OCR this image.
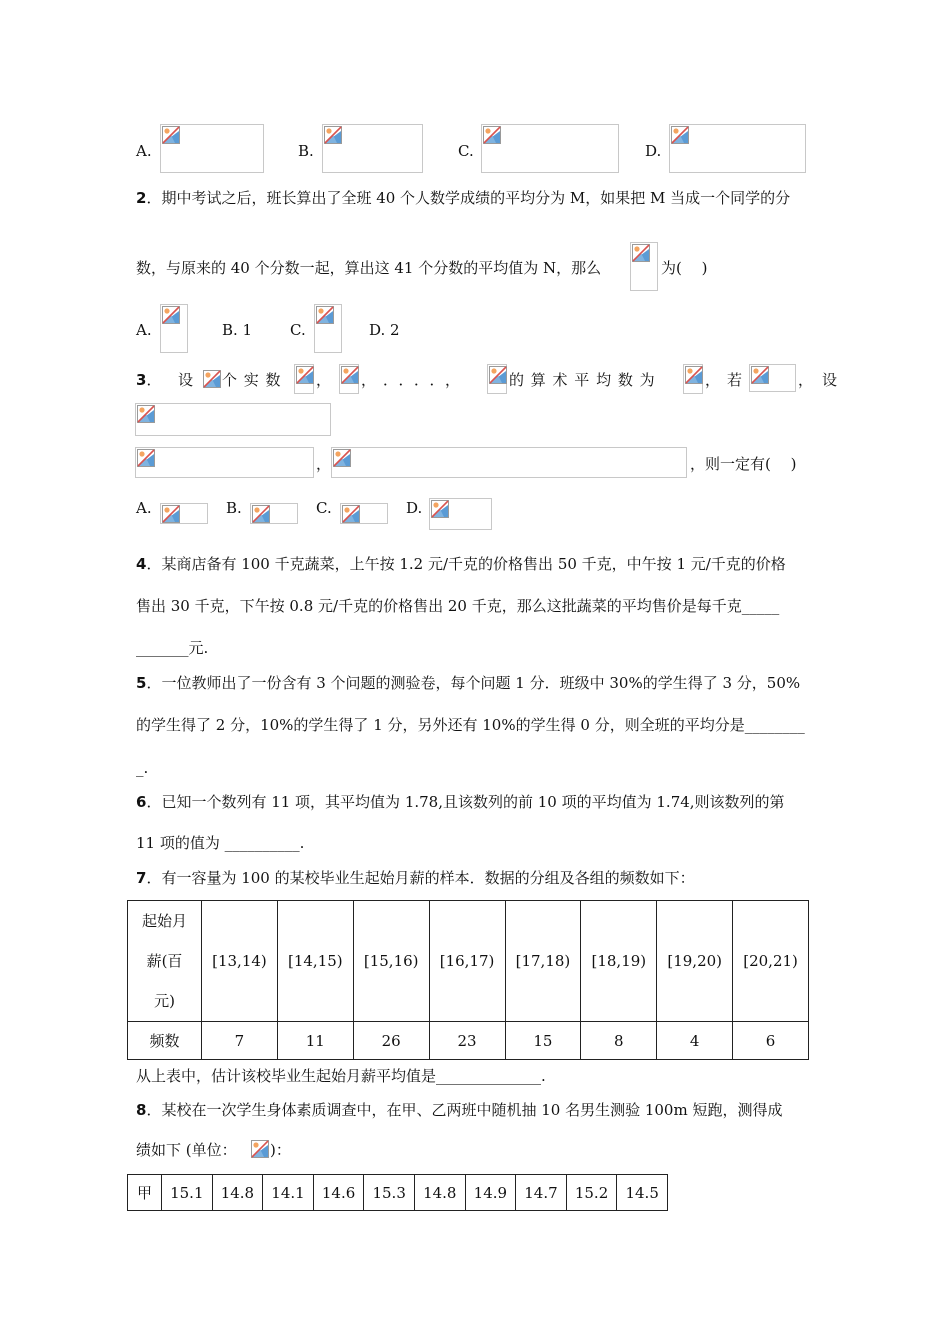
A.	B.	C.	D.
2．期中考试之后，班长算出了全班 40 个人数学成绩的平均分为 M，如果把 M 当成一个同学的分
数，与原来的 40 个分数一起，算出这 41 个分数的平均值为 N，那么	为(　 )
A.	B. 1	C.	D. 2
3． 设 个 实 数 ， ， ．．．．，	的 算 术 平 均 数 为	， 若	， 设
，	，则一定有(　 )
A.	B.	C.	D.
4．某商店备有 100 千克蔬菜，上午按 1.2 元/千克的价格售出 50 千克，中午按 1 元/千克的价格
售出 30 千克，下午按 0.8 元/千克的价格售出 20 千克，那么这批蔬菜的平均售价是每千克_____
_______元.
5．一位教师出了一份含有 3 个问题的测验卷，每个问题 1 分．班级中 30%的学生得了 3 分，50%
的学生得了 2 分，10%的学生得了 1 分，另外还有 10%的学生得 0 分，则全班的平均分是________
_.
6．已知一个数列有 11 项，其平均值为 1.78,且该数列的前 10 项的平均值为 1.74,则该数列的第
11 项的值为 __________.
7．有一容量为 100 的某校毕业生起始月薪的样本．数据的分组及各组的频数如下：
起始月
薪(百
元)	[13,14)	[14,15)	[15,16)	[16,17)	[17,18)	[18,19)	[19,20)	[20,21)
频数	7	11	26	23	15	8	4	6
从上表中，估计该校毕业生起始月薪平均值是______________.
8．某校在一次学生身体素质调查中，在甲、乙两班中随机抽 10 名男生测验 100m 短跑，测得成
绩如下 (单位： )：
甲	15.1	14.8	14.1	14.6	15.3	14.8	14.9	14.7	15.2	14.5
